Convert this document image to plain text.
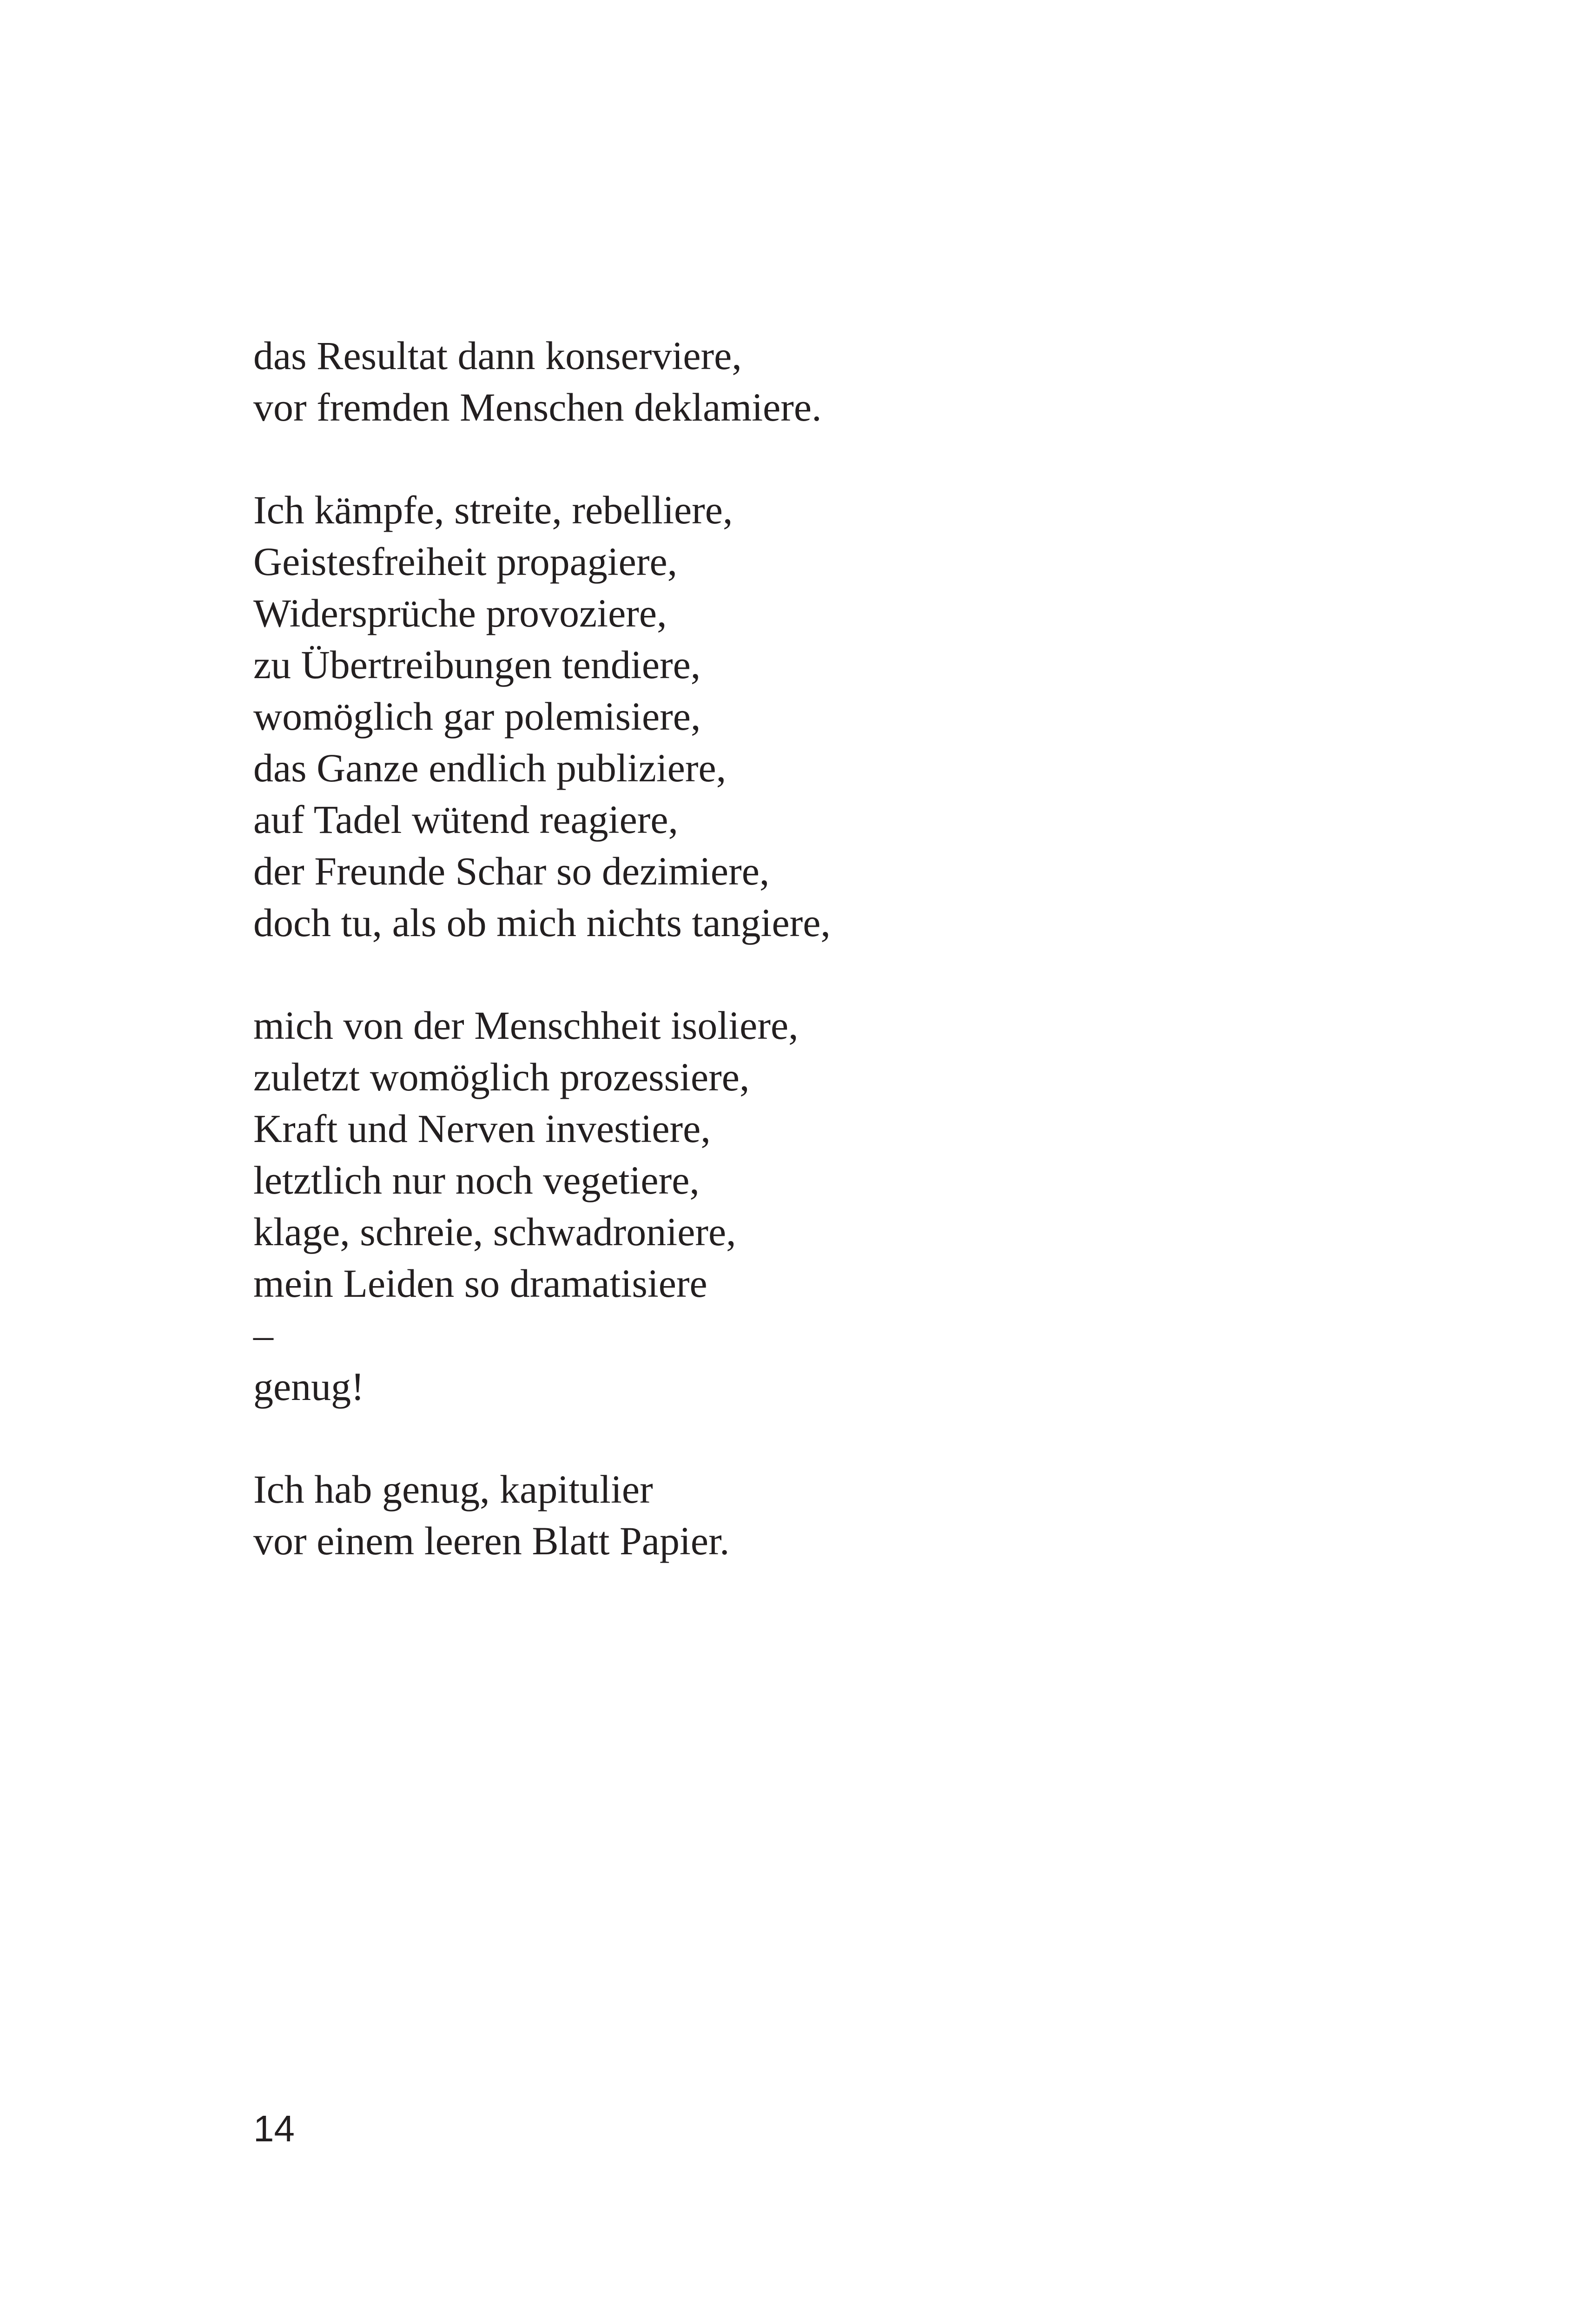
das Resultat dann konserviere,
vor fremden Menschen deklamiere.
Ich kämpfe, streite, rebelliere,
Geistesfreiheit propagiere,
Widersprüche provoziere,
zu Übertreibungen tendiere,
womöglich gar polemisiere,
das Ganze endlich publiziere,
auf Tadel wütend reagiere,
der Freunde Schar so dezimiere,
doch tu, als ob mich nichts tangiere,
mich von der Menschheit isoliere,
zuletzt womöglich prozessiere,
Kraft und Nerven investiere,
letztlich nur noch vegetiere,
klage, schreie, schwadroniere,
mein Leiden so dramatisiere
–
genug!
Ich hab genug, kapitulier
vor einem leeren Blatt Papier.
14
